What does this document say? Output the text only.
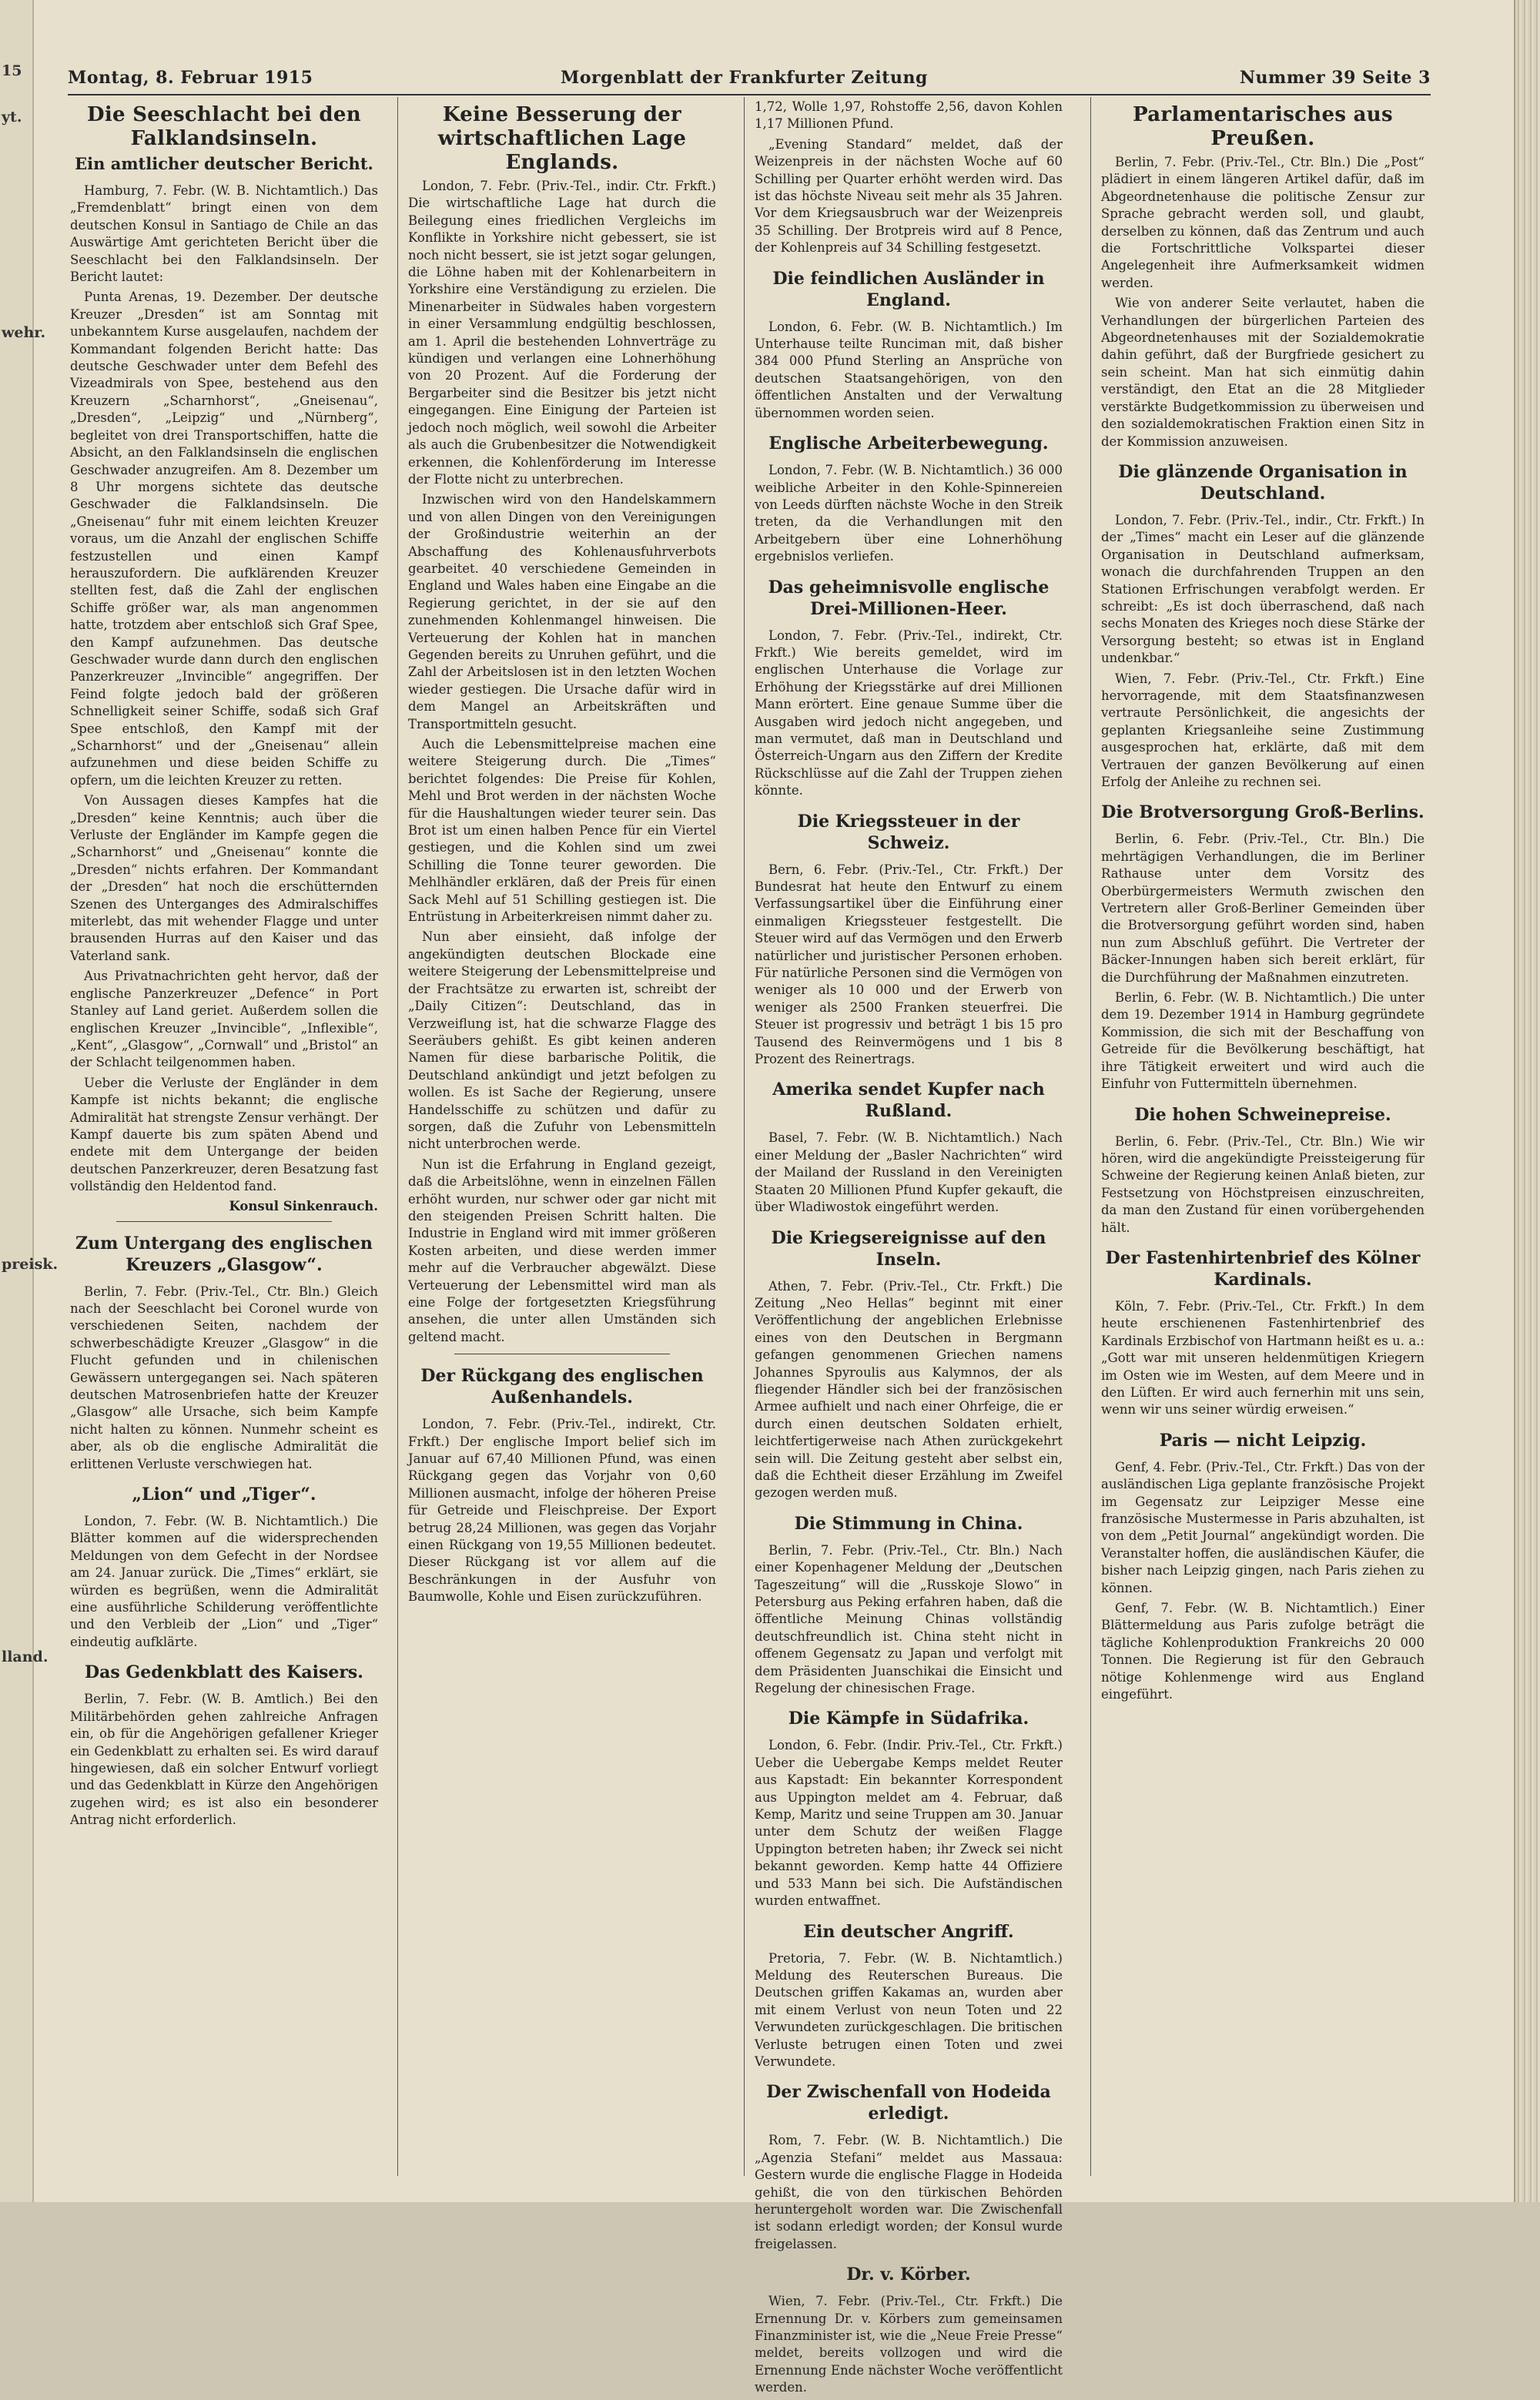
15
yt.
wehr.
preisk.
lland.
Montag, 8. Februar 1915	Morgenblatt der Frankfurter Zeitung	Nummer 39 Seite 3
Die Seeschlacht bei den Falklandsinseln.
Ein amtlicher deutscher Bericht.

Hamburg, 7. Febr. (W. B. Nichtamtlich.) Das „Fremdenblatt“ bringt einen von dem deutschen Konsul in Santiago de Chile an das Auswärtige Amt gerichteten Bericht über die Seeschlacht bei den Falklandsinseln. Der Bericht lautet:

Punta Arenas, 19. Dezember. Der deutsche Kreuzer „Dresden“ ist am Sonntag mit unbekanntem Kurse ausgelaufen, nachdem der Kommandant folgenden Bericht hatte: Das deutsche Geschwader unter dem Befehl des Vizeadmirals von Spee, bestehend aus den Kreuzern „Scharnhorst“, „Gneisenau“, „Dresden“, „Leipzig“ und „Nürnberg“, begleitet von drei Transportschiffen, hatte die Absicht, an den Falklandsinseln die englischen Geschwader anzugreifen. Am 8. Dezember um 8 Uhr morgens sichtete das deutsche Geschwader die Falklandsinseln. Die „Gneisenau“ fuhr mit einem leichten Kreuzer voraus, um die Anzahl der englischen Schiffe festzustellen und einen Kampf herauszufordern. Die aufklärenden Kreuzer stellten fest, daß die Zahl der englischen Schiffe größer war, als man angenommen hatte, trotzdem aber entschloß sich Graf Spee, den Kampf aufzunehmen. Das deutsche Geschwader wurde dann durch den englischen Panzerkreuzer „Invincible“ angegriffen. Der Feind folgte jedoch bald der größeren Schnelligkeit seiner Schiffe, sodaß sich Graf Spee entschloß, den Kampf mit der „Scharnhorst“ und der „Gneisenau“ allein aufzunehmen und diese beiden Schiffe zu opfern, um die leichten Kreuzer zu retten.

Von Aussagen dieses Kampfes hat die „Dresden“ keine Kenntnis; auch über die Verluste der Engländer im Kampfe gegen die „Scharnhorst“ und „Gneisenau“ konnte die „Dresden“ nichts erfahren. Der Kommandant der „Dresden“ hat noch die erschütternden Szenen des Unterganges des Admiralschiffes miterlebt, das mit wehender Flagge und unter brausenden Hurras auf den Kaiser und das Vaterland sank.

Aus Privatnachrichten geht hervor, daß der englische Panzerkreuzer „Defence“ in Port Stanley auf Land geriet. Außerdem sollen die englischen Kreuzer „Invincible“, „Inflexible“, „Kent“, „Glasgow“, „Cornwall“ und „Bristol“ an der Schlacht teilgenommen haben.

Ueber die Verluste der Engländer in dem Kampfe ist nichts bekannt; die englische Admiralität hat strengste Zensur verhängt. Der Kampf dauerte bis zum späten Abend und endete mit dem Untergange der beiden deutschen Panzerkreuzer, deren Besatzung fast vollständig den Heldentod fand.

Konsul Sinkenrauch.
Zum Untergang des englischen Kreuzers „Glasgow“.

Berlin, 7. Febr. (Priv.-Tel., Ctr. Bln.) Gleich nach der Seeschlacht bei Coronel wurde von verschiedenen Seiten, nachdem der schwerbeschädigte Kreuzer „Glasgow“ in die Flucht gefunden und in chilenischen Gewässern untergegangen sei. Nach späteren deutschen Matrosenbriefen hatte der Kreuzer „Glasgow“ alle Ursache, sich beim Kampfe nicht halten zu können. Nunmehr scheint es aber, als ob die englische Admiralität die erlittenen Verluste verschwiegen hat.

„Lion“ und „Tiger“.

London, 7. Febr. (W. B. Nichtamtlich.) Die Blätter kommen auf die widersprechenden Meldungen von dem Gefecht in der Nordsee am 24. Januar zurück. Die „Times“ erklärt, sie würden es begrüßen, wenn die Admiralität eine ausführliche Schilderung veröffentlichte und den Verbleib der „Lion“ und „Tiger“ eindeutig aufklärte.

Das Gedenkblatt des Kaisers.

Berlin, 7. Febr. (W. B. Amtlich.) Bei den Militärbehörden gehen zahlreiche Anfragen ein, ob für die Angehörigen gefallener Krieger ein Gedenkblatt zu erhalten sei. Es wird darauf hingewiesen, daß ein solcher Entwurf vorliegt und das Gedenkblatt in Kürze den Angehörigen zugehen wird; es ist also ein besonderer Antrag nicht erforderlich.

Keine Besserung der wirtschaftlichen Lage Englands.

London, 7. Febr. (Priv.-Tel., indir. Ctr. Frkft.) Die wirtschaftliche Lage hat durch die Beilegung eines friedlichen Vergleichs im Konflikte in Yorkshire nicht gebessert, sie ist noch nicht bessert, sie ist jetzt sogar gelungen, die Löhne haben mit der Kohlenarbeitern in Yorkshire eine Verständigung zu erzielen. Die Minenarbeiter in Südwales haben vorgestern in einer Versammlung endgültig beschlossen, am 1. April die bestehenden Lohnverträge zu kündigen und verlangen eine Lohnerhöhung von 20 Prozent. Auf die Forderung der Bergarbeiter sind die Besitzer bis jetzt nicht eingegangen. Eine Einigung der Parteien ist jedoch noch möglich, weil sowohl die Arbeiter als auch die Grubenbesitzer die Notwendigkeit erkennen, die Kohlenförderung im Interesse der Flotte nicht zu unterbrechen.

Inzwischen wird von den Handelskammern und von allen Dingen von den Vereinigungen der Großindustrie weiterhin an der Abschaffung des Kohlenausfuhrverbots gearbeitet. 40 verschiedene Gemeinden in England und Wales haben eine Eingabe an die Regierung gerichtet, in der sie auf den zunehmenden Kohlenmangel hinweisen. Die Verteuerung der Kohlen hat in manchen Gegenden bereits zu Unruhen geführt, und die Zahl der Arbeitslosen ist in den letzten Wochen wieder gestiegen. Die Ursache dafür wird in dem Mangel an Arbeitskräften und Transportmitteln gesucht.

Auch die Lebensmittelpreise machen eine weitere Steigerung durch. Die „Times“ berichtet folgendes: Die Preise für Kohlen, Mehl und Brot werden in der nächsten Woche für die Haushaltungen wieder teurer sein. Das Brot ist um einen halben Pence für ein Viertel gestiegen, und die Kohlen sind um zwei Schilling die Tonne teurer geworden. Die Mehlhändler erklären, daß der Preis für einen Sack Mehl auf 51 Schilling gestiegen ist. Die Entrüstung in Arbeiterkreisen nimmt daher zu.

Nun aber einsieht, daß infolge der angekündigten deutschen Blockade eine weitere Steigerung der Lebensmittelpreise und der Frachtsätze zu erwarten ist, schreibt der „Daily Citizen“: Deutschland, das in Verzweiflung ist, hat die schwarze Flagge des Seeräubers gehißt. Es gibt keinen anderen Namen für diese barbarische Politik, die Deutschland ankündigt und jetzt befolgen zu wollen. Es ist Sache der Regierung, unsere Handelsschiffe zu schützen und dafür zu sorgen, daß die Zufuhr von Lebensmitteln nicht unterbrochen werde.

Nun ist die Erfahrung in England gezeigt, daß die Arbeitslöhne, wenn in einzelnen Fällen erhöht wurden, nur schwer oder gar nicht mit den steigenden Preisen Schritt halten. Die Industrie in England wird mit immer größeren Kosten arbeiten, und diese werden immer mehr auf die Verbraucher abgewälzt. Diese Verteuerung der Lebensmittel wird man als eine Folge der fortgesetzten Kriegsführung ansehen, die unter allen Umständen sich geltend macht.

Der Rückgang des englischen Außenhandels.

London, 7. Febr. (Priv.-Tel., indirekt, Ctr. Frkft.) Der englische Import belief sich im Januar auf 67,40 Millionen Pfund, was einen Rückgang gegen das Vorjahr von 0,60 Millionen ausmacht, infolge der höheren Preise für Getreide und Fleischpreise. Der Export betrug 28,24 Millionen, was gegen das Vorjahr einen Rückgang von 19,55 Millionen bedeutet. Dieser Rückgang ist vor allem auf die Beschränkungen in der Ausfuhr von Baumwolle, Kohle und Eisen zurückzuführen.

1,72, Wolle 1,97, Rohstoffe 2,56, davon Kohlen 1,17 Millionen Pfund.

„Evening Standard“ meldet, daß der Weizenpreis in der nächsten Woche auf 60 Schilling per Quarter erhöht werden wird. Das ist das höchste Niveau seit mehr als 35 Jahren. Vor dem Kriegsausbruch war der Weizenpreis 35 Schilling. Der Brotpreis wird auf 8 Pence, der Kohlenpreis auf 34 Schilling festgesetzt.

Die feindlichen Ausländer in England.

London, 6. Febr. (W. B. Nichtamtlich.) Im Unterhause teilte Runciman mit, daß bisher 384 000 Pfund Sterling an Ansprüche von deutschen Staatsangehörigen, von den öffentlichen Anstalten und der Verwaltung übernommen worden seien.

Englische Arbeiterbewegung.

London, 7. Febr. (W. B. Nichtamtlich.) 36 000 weibliche Arbeiter in den Kohle-Spinnereien von Leeds dürften nächste Woche in den Streik treten, da die Verhandlungen mit den Arbeitgebern über eine Lohnerhöhung ergebnislos verliefen.

Das geheimnisvolle englische Drei-Millionen-Heer.

London, 7. Febr. (Priv.-Tel., indirekt, Ctr. Frkft.) Wie bereits gemeldet, wird im englischen Unterhause die Vorlage zur Erhöhung der Kriegsstärke auf drei Millionen Mann erörtert. Eine genaue Summe über die Ausgaben wird jedoch nicht angegeben, und man vermutet, daß man in Deutschland und Österreich-Ungarn aus den Ziffern der Kredite Rückschlüsse auf die Zahl der Truppen ziehen könnte.

Die Kriegssteuer in der Schweiz.

Bern, 6. Febr. (Priv.-Tel., Ctr. Frkft.) Der Bundesrat hat heute den Entwurf zu einem Verfassungsartikel über die Einführung einer einmaligen Kriegssteuer festgestellt. Die Steuer wird auf das Vermögen und den Erwerb natürlicher und juristischer Personen erhoben. Für natürliche Personen sind die Vermögen von weniger als 10 000 und der Erwerb von weniger als 2500 Franken steuerfrei. Die Steuer ist progressiv und beträgt 1 bis 15 pro Tausend des Reinvermögens und 1 bis 8 Prozent des Reinertrags.

Amerika sendet Kupfer nach Rußland.

Basel, 7. Febr. (W. B. Nichtamtlich.) Nach einer Meldung der „Basler Nachrichten“ wird der Mailand der Russland in den Vereinigten Staaten 20 Millionen Pfund Kupfer gekauft, die über Wladiwostok eingeführt werden.

Die Kriegsereignisse auf den Inseln.

Athen, 7. Febr. (Priv.-Tel., Ctr. Frkft.) Die Zeitung „Neo Hellas“ beginnt mit einer Veröffentlichung der angeblichen Erlebnisse eines von den Deutschen in Bergmann gefangen genommenen Griechen namens Johannes Spyroulis aus Kalymnos, der als fliegender Händler sich bei der französischen Armee aufhielt und nach einer Ohrfeige, die er durch einen deutschen Soldaten erhielt, leichtfertigerweise nach Athen zurückgekehrt sein will. Die Zeitung gesteht aber selbst ein, daß die Echtheit dieser Erzählung im Zweifel gezogen werden muß.

Die Stimmung in China.

Berlin, 7. Febr. (Priv.-Tel., Ctr. Bln.) Nach einer Kopenhagener Meldung der „Deutschen Tageszeitung“ will die „Russkoje Slowo“ in Petersburg aus Peking erfahren haben, daß die öffentliche Meinung Chinas vollständig deutschfreundlich ist. China steht nicht in offenem Gegensatz zu Japan und verfolgt mit dem Präsidenten Juanschikai die Einsicht und Regelung der chinesischen Frage.

Die Kämpfe in Südafrika.

London, 6. Febr. (Indir. Priv.-Tel., Ctr. Frkft.) Ueber die Uebergabe Kemps meldet Reuter aus Kapstadt: Ein bekannter Korrespondent aus Uppington meldet am 4. Februar, daß Kemp, Maritz und seine Truppen am 30. Januar unter dem Schutz der weißen Flagge Uppington betreten haben; ihr Zweck sei nicht bekannt geworden. Kemp hatte 44 Offiziere und 533 Mann bei sich. Die Aufständischen wurden entwaffnet.

Ein deutscher Angriff.

Pretoria, 7. Febr. (W. B. Nichtamtlich.) Meldung des Reuterschen Bureaus. Die Deutschen griffen Kakamas an, wurden aber mit einem Verlust von neun Toten und 22 Verwundeten zurückgeschlagen. Die britischen Verluste betrugen einen Toten und zwei Verwundete.

Der Zwischenfall von Hodeida erledigt.

Rom, 7. Febr. (W. B. Nichtamtlich.) Die „Agenzia Stefani“ meldet aus Massaua: Gestern wurde die englische Flagge in Hodeida gehißt, die von den türkischen Behörden heruntergeholt worden war. Die Zwischenfall ist sodann erledigt worden; der Konsul wurde freigelassen.

Dr. v. Körber.

Wien, 7. Febr. (Priv.-Tel., Ctr. Frkft.) Die Ernennung Dr. v. Körbers zum gemeinsamen Finanzminister ist, wie die „Neue Freie Presse“ meldet, bereits vollzogen und wird die Ernennung Ende nächster Woche veröffentlicht werden.

Parlamentarisches aus Preußen.

Berlin, 7. Febr. (Priv.-Tel., Ctr. Bln.) Die „Post“ plädiert in einem längeren Artikel dafür, daß im Abgeordnetenhause die politische Zensur zur Sprache gebracht werden soll, und glaubt, derselben zu können, daß das Zentrum und auch die Fortschrittliche Volkspartei dieser Angelegenheit ihre Aufmerksamkeit widmen werden.

Wie von anderer Seite verlautet, haben die Verhandlungen der bürgerlichen Parteien des Abgeordnetenhauses mit der Sozialdemokratie dahin geführt, daß der Burgfriede gesichert zu sein scheint. Man hat sich einmütig dahin verständigt, den Etat an die 28 Mitglieder verstärkte Budgetkommission zu überweisen und den sozialdemokratischen Fraktion einen Sitz in der Kommission anzuweisen.

Die glänzende Organisation in Deutschland.

London, 7. Febr. (Priv.-Tel., indir., Ctr. Frkft.) In der „Times“ macht ein Leser auf die glänzende Organisation in Deutschland aufmerksam, wonach die durchfahrenden Truppen an den Stationen Erfrischungen verabfolgt werden. Er schreibt: „Es ist doch überraschend, daß nach sechs Monaten des Krieges noch diese Stärke der Versorgung besteht; so etwas ist in England undenkbar.“

Wien, 7. Febr. (Priv.-Tel., Ctr. Frkft.) Eine hervorragende, mit dem Staatsfinanzwesen vertraute Persönlichkeit, die angesichts der geplanten Kriegsanleihe seine Zustimmung ausgesprochen hat, erklärte, daß mit dem Vertrauen der ganzen Bevölkerung auf einen Erfolg der Anleihe zu rechnen sei.

Die Brotversorgung Groß-Berlins.

Berlin, 6. Febr. (Priv.-Tel., Ctr. Bln.) Die mehrtägigen Verhandlungen, die im Berliner Rathause unter dem Vorsitz des Oberbürgermeisters Wermuth zwischen den Vertretern aller Groß-Berliner Gemeinden über die Brotversorgung geführt worden sind, haben nun zum Abschluß geführt. Die Vertreter der Bäcker-Innungen haben sich bereit erklärt, für die Durchführung der Maßnahmen einzutreten.

Berlin, 6. Febr. (W. B. Nichtamtlich.) Die unter dem 19. Dezember 1914 in Hamburg gegründete Kommission, die sich mit der Beschaffung von Getreide für die Bevölkerung beschäftigt, hat ihre Tätigkeit erweitert und wird auch die Einfuhr von Futtermitteln übernehmen.

Die hohen Schweinepreise.

Berlin, 6. Febr. (Priv.-Tel., Ctr. Bln.) Wie wir hören, wird die angekündigte Preissteigerung für Schweine der Regierung keinen Anlaß bieten, zur Festsetzung von Höchstpreisen einzuschreiten, da man den Zustand für einen vorübergehenden hält.

Der Fastenhirtenbrief des Kölner Kardinals.

Köln, 7. Febr. (Priv.-Tel., Ctr. Frkft.) In dem heute erschienenen Fastenhirtenbrief des Kardinals Erzbischof von Hartmann heißt es u. a.: „Gott war mit unseren heldenmütigen Kriegern im Osten wie im Westen, auf dem Meere und in den Lüften. Er wird auch fernerhin mit uns sein, wenn wir uns seiner würdig erweisen.“

Paris — nicht Leipzig.

Genf, 4. Febr. (Priv.-Tel., Ctr. Frkft.) Das von der ausländischen Liga geplante französische Projekt im Gegensatz zur Leipziger Messe eine französische Mustermesse in Paris abzuhalten, ist von dem „Petit Journal“ angekündigt worden. Die Veranstalter hoffen, die ausländischen Käufer, die bisher nach Leipzig gingen, nach Paris ziehen zu können.

Genf, 7. Febr. (W. B. Nichtamtlich.) Einer Blättermeldung aus Paris zufolge beträgt die tägliche Kohlenproduktion Frankreichs 20 000 Tonnen. Die Regierung ist für den Gebrauch nötige Kohlenmenge wird aus England eingeführt.
